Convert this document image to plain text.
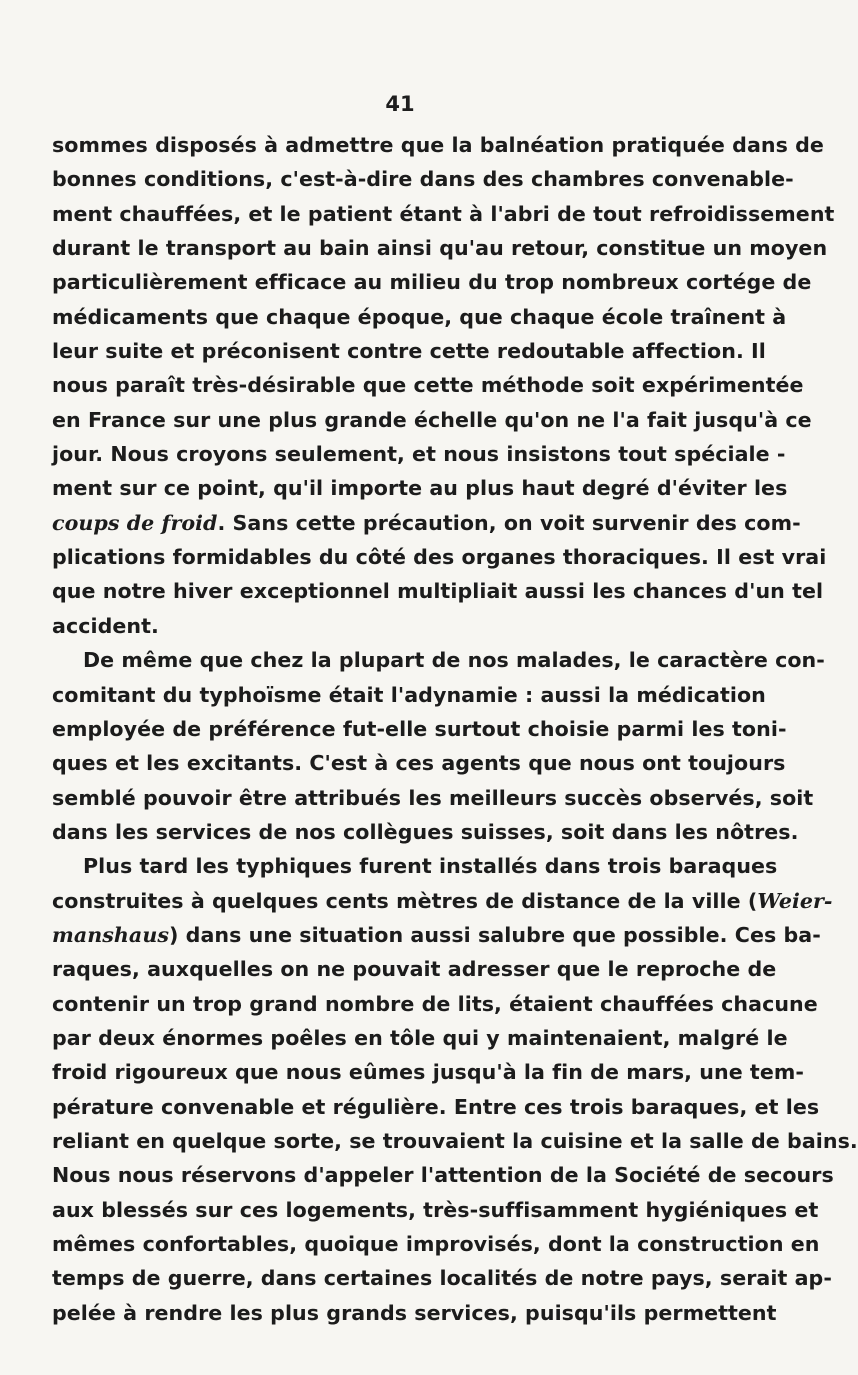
41
sommes disposés à admettre que la balnéation pratiquée dans de
bonnes conditions, c'est-à-dire dans des chambres convenable-
ment chauffées, et le patient étant à l'abri de tout refroidissement
durant le transport au bain ainsi qu'au retour, constitue un moyen
particulièrement efficace au milieu du trop nombreux cortége de
médicaments que chaque époque, que chaque école traînent à
leur suite et préconisent contre cette redoutable affection. Il
nous paraît très-désirable que cette méthode soit expérimentée
en France sur une plus grande échelle qu'on ne l'a fait jusqu'à ce
jour. Nous croyons seulement, et nous insistons tout spéciale -
ment sur ce point, qu'il importe au plus haut degré d'éviter les
coups de froid. Sans cette précaution, on voit survenir des com-
plications formidables du côté des organes thoraciques. Il est vrai
que notre hiver exceptionnel multipliait aussi les chances d'un tel
accident.
De même que chez la plupart de nos malades, le caractère con-
comitant du typhoïsme était l'adynamie : aussi la médication
employée de préférence fut-elle surtout choisie parmi les toni-
ques et les excitants. C'est à ces agents que nous ont toujours
semblé pouvoir être attribués les meilleurs succès observés, soit
dans les services de nos collègues suisses, soit dans les nôtres.
Plus tard les typhiques furent installés dans trois baraques
construites à quelques cents mètres de distance de la ville (Weier-
manshaus) dans une situation aussi salubre que possible. Ces ba-
raques, auxquelles on ne pouvait adresser que le reproche de
contenir un trop grand nombre de lits, étaient chauffées chacune
par deux énormes poêles en tôle qui y maintenaient, malgré le
froid rigoureux que nous eûmes jusqu'à la fin de mars, une tem-
pérature convenable et régulière. Entre ces trois baraques, et les
reliant en quelque sorte, se trouvaient la cuisine et la salle de bains.
Nous nous réservons d'appeler l'attention de la Société de secours
aux blessés sur ces logements, très-suffisamment hygiéniques et
mêmes confortables, quoique improvisés, dont la construction en
temps de guerre, dans certaines localités de notre pays, serait ap-
pelée à rendre les plus grands services, puisqu'ils permettent
